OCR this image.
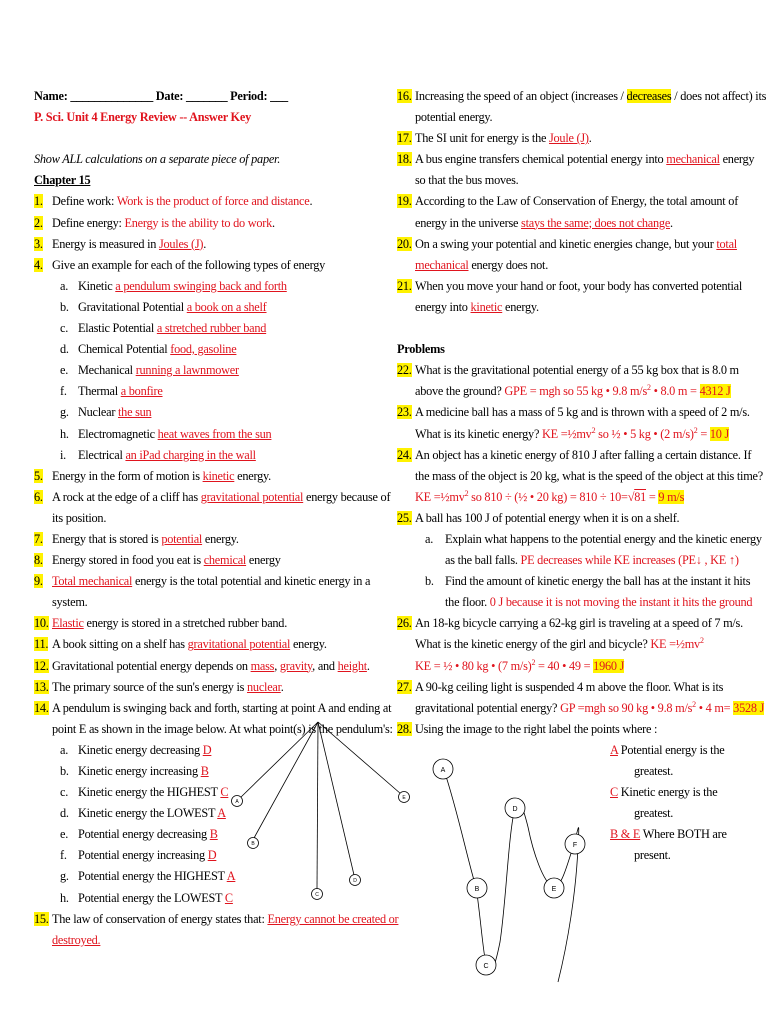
Name: ______________ Date: _______ Period: ___
P. Sci. Unit 4 Energy Review -- Answer Key
Show ALL calculations on a separate piece of paper.
Chapter 15
1. Define work: Work is the product of force and distance.
2. Define energy: Energy is the ability to do work.
3. Energy is measured in Joules (J).
4. Give an example for each of the following types of energy
a. Kinetic a pendulum swinging back and forth
b. Gravitational Potential a book on a shelf
c. Elastic Potential a stretched rubber band
d. Chemical Potential food, gasoline
e. Mechanical running a lawnmower
f. Thermal a bonfire
g. Nuclear the sun
h. Electromagnetic heat waves from the sun
i. Electrical an iPad charging in the wall
5. Energy in the form of motion is kinetic energy.
6. A rock at the edge of a cliff has gravitational potential energy because of
its position.
7. Energy that is stored is potential energy.
8. Energy stored in food you eat is chemical energy
9. Total mechanical energy is the total potential and kinetic energy in a
system.
10. Elastic energy is stored in a stretched rubber band.
11. A book sitting on a shelf has gravitational potential energy.
12. Gravitational potential energy depends on mass, gravity, and height.
13. The primary source of the sun's energy is nuclear.
14. A pendulum is swinging back and forth, starting at point A and ending at
point E as shown in the image below. At what point(s) is the pendulum's:
a. Kinetic energy decreasing D
b. Kinetic energy increasing B
c. Kinetic energy the HIGHEST C
d. Kinetic energy the LOWEST A
e. Potential energy decreasing B
f. Potential energy increasing D
g. Potential energy the HIGHEST A
h. Potential energy the LOWEST C
15. The law of conservation of energy states that: Energy cannot be created or
destroyed.
A
B
C
D
E
16. Increasing the speed of an object (increases / decreases / does not affect) its
potential energy.
17. The SI unit for energy is the Joule (J).
18. A bus engine transfers chemical potential energy into mechanical energy
so that the bus moves.
19. According to the Law of Conservation of Energy, the total amount of
energy in the universe stays the same; does not change.
20. On a swing your potential and kinetic energies change, but your total
mechanical energy does not.
21. When you move your hand or foot, your body has converted potential
energy into kinetic energy.
Problems
22. What is the gravitational potential energy of a 55 kg box that is 8.0 m
above the ground? GPE = mgh so 55 kg • 9.8 $m/s^2$ • 8.0 m = 4312 J
23. A medicine ball has a mass of 5 kg and is thrown with a speed of 2 m/s.
What is its kinetic energy? KE $=\frac{1}{2}mv^2$ so ½ • 5 kg • (2 m/s)$^2$ = 10 J
24. An object has a kinetic energy of 810 J after falling a certain distance. If
the mass of the object is 20 kg, what is the speed of the object at this time?
KE $=\frac{1}{2}mv^2$ so 810 ÷ (½ • 20 kg) = 810 ÷ 10=√81 = 9 m/s
25. A ball has 100 J of potential energy when it is on a shelf.
a. Explain what happens to the potential energy and the kinetic energy
as the ball falls. PE decreases while KE increases (PE↓ , KE ↑)
b. Find the amount of kinetic energy the ball has at the instant it hits
the floor. 0 J because it is not moving the instant it hits the ground
26. An 18-kg bicycle carrying a 62-kg girl is traveling at a speed of 7 m/s.
What is the kinetic energy of the girl and bicycle? KE $=\frac{1}{2}mv^2$
KE = ½ • 80 kg • (7 m/s)$^2$ = 40 • 49 = 1960 J
27. A 90-kg ceiling light is suspended 4 m above the floor. What is its
gravitational potential energy? GP =mgh so 90 kg • 9.8 $m/s^2$ • 4 m= 3528 J
28. Using the image to the right label the points where :
A Potential energy is the
greatest.
C Kinetic energy is the
greatest.
B & E Where BOTH are
present.
A
B
C
D
E
F
